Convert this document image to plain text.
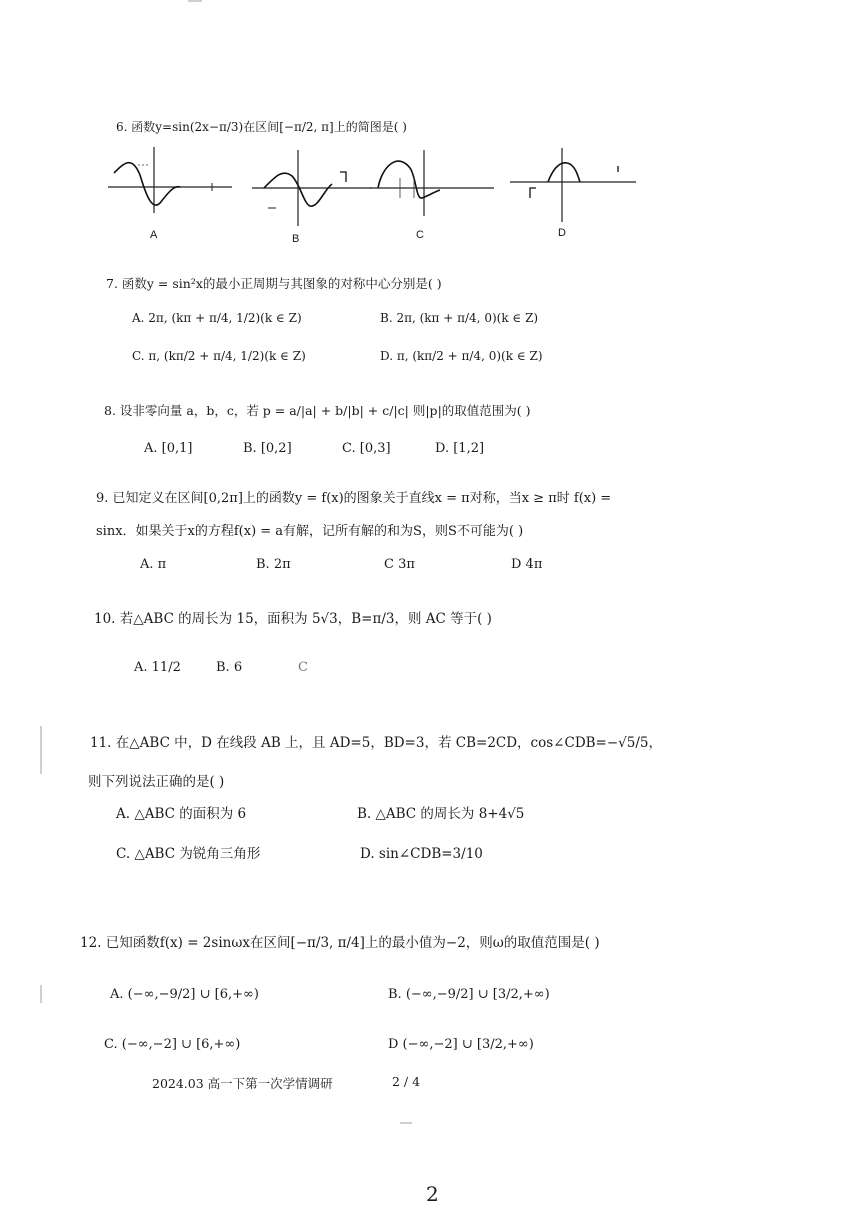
6. 函数y=sin(2x−π/3)在区间[−π/2, π]上的简图是( )
A	B	C	D
7. 函数y = sin²x的最小正周期与其图象的对称中心分别是( )
A. 2π, (kπ + π/4, 1/2)(k ∈ Z)	B. 2π, (kπ + π/4, 0)(k ∈ Z)
C. π, (kπ/2 + π/4, 1/2)(k ∈ Z)	D. π, (kπ/2 + π/4, 0)(k ∈ Z)
8. 设非零向量 a，b，c，若 p = a/|a| + b/|b| + c/|c| 则|p|的取值范围为( )
A. [0,1]	B. [0,2]	C. [0,3]	D. [1,2]
9. 已知定义在区间[0,2π]上的函数y = f(x)的图象关于直线x = π对称，当x ≥ π时 f(x) =
sinx．如果关于x的方程f(x) = a有解，记所有解的和为S，则S不可能为( )
A. π	B. 2π	C 3π	D 4π
10. 若△ABC 的周长为 15，面积为 5√3，B=π/3，则 AC 等于( )
A. 11/2	B. 6	C
11. 在△ABC 中，D 在线段 AB 上，且 AD=5，BD=3，若 CB=2CD，cos∠CDB=−√5/5，
则下列说法正确的是( )
A. △ABC 的面积为 6	B. △ABC 的周长为 8+4√5
C. △ABC 为锐角三角形	D. sin∠CDB=3/10
12. 已知函数f(x) = 2sinωx在区间[−π/3, π/4]上的最小值为−2，则ω的取值范围是( )
A. (−∞,−9/2] ∪ [6,+∞)	B. (−∞,−9/2] ∪ [3/2,+∞)
C. (−∞,−2] ∪ [6,+∞)	D (−∞,−2] ∪ [3/2,+∞)
2024.03 高一下第一次学情调研	2 / 4
2
